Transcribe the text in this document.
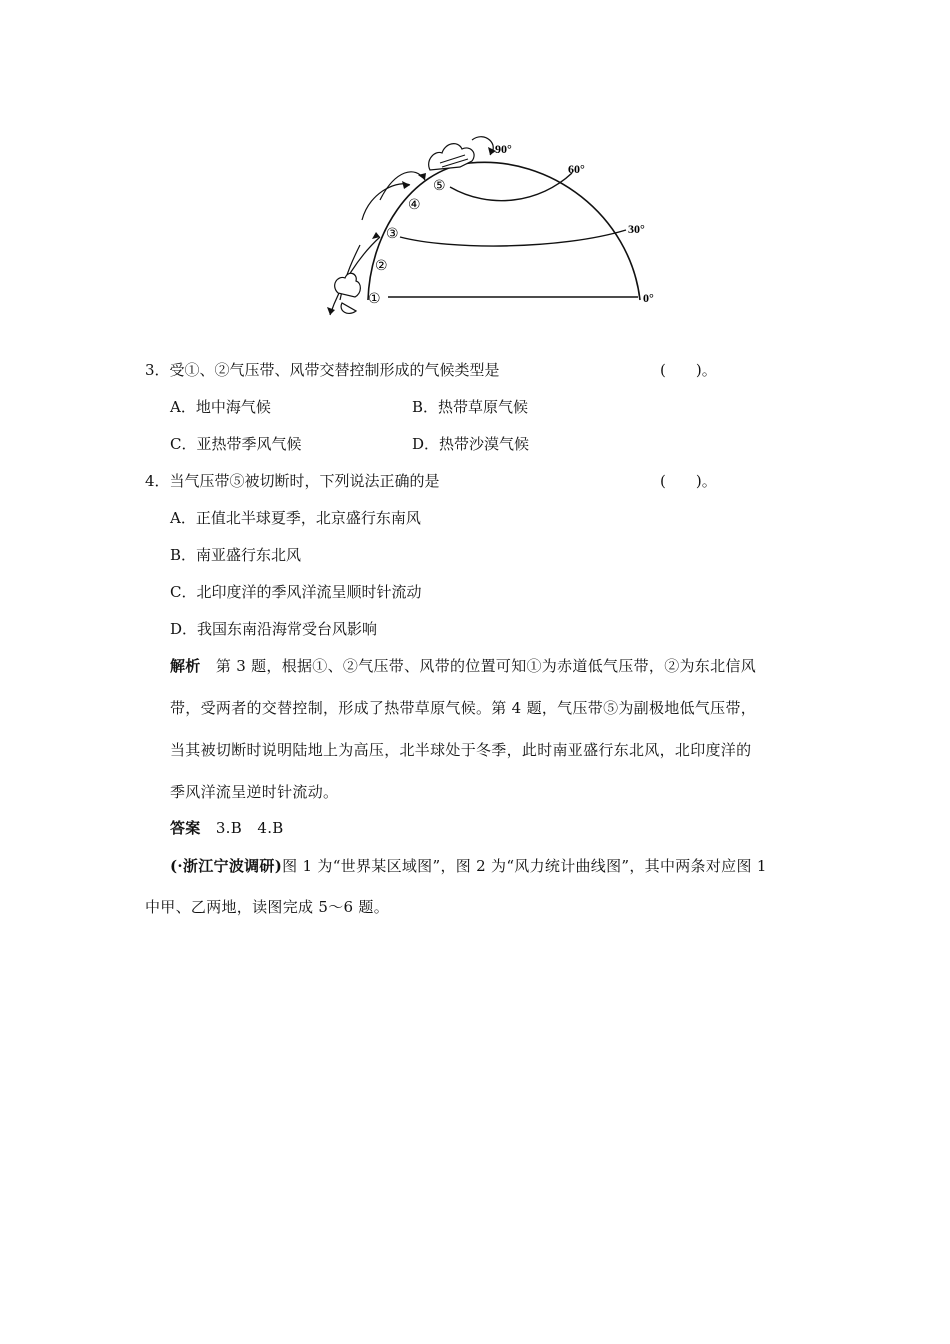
90°
60°
30°
0°
①
②
③
④
⑤
3．受①、②气压带、风带交替控制形成的气候类型是	(　　)。
A．地中海气候	B．热带草原气候
C．亚热带季风气候	D．热带沙漠气候
4．当气压带⑤被切断时，下列说法正确的是	(　　)。
A．正值北半球夏季，北京盛行东南风
B．南亚盛行东北风
C．北印度洋的季风洋流呈顺时针流动
D．我国东南沿海常受台风影响
解析 第 3 题，根据①、②气压带、风带的位置可知①为赤道低气压带，②为东北信风
带，受两者的交替控制，形成了热带草原气候。第 4 题，气压带⑤为副极地低气压带，
当其被切断时说明陆地上为高压，北半球处于冬季，此时南亚盛行东北风，北印度洋的
季风洋流呈逆时针流动。
答案 3.B　4.B
(·浙江宁波调研)图 1 为“世界某区域图”，图 2 为“风力统计曲线图”，其中两条对应图 1
中甲、乙两地，读图完成 5～6 题。
